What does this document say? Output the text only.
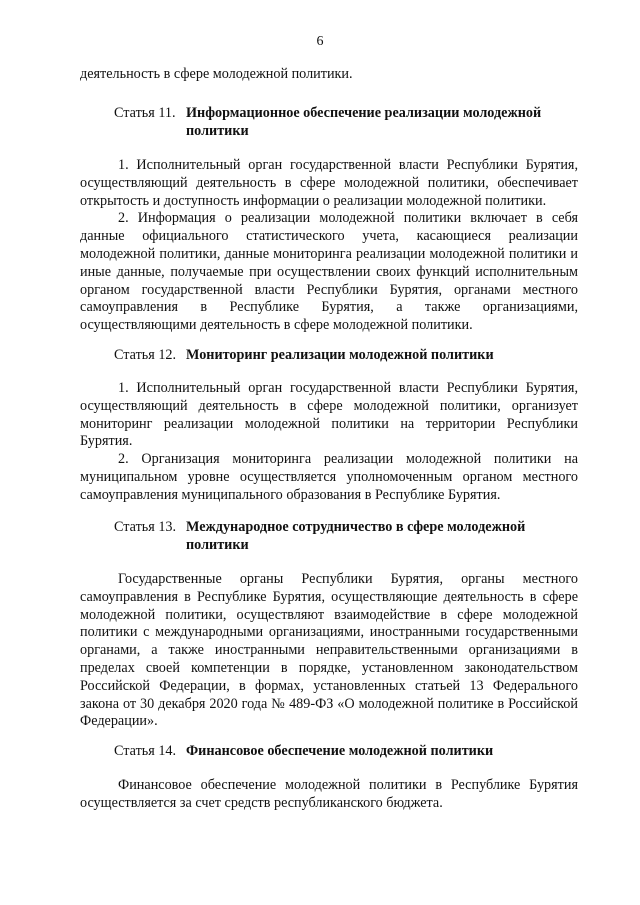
6
деятельность в сфере молодежной политики.
Статья 11. Информационное обеспечение реализации молодежной политики

1. Исполнительный орган государственной власти Республики Бурятия, осуществляющий деятельность в сфере молодежной политики, обеспечивает открытость и доступность информации о реализации молодежной политики.

2. Информация о реализации молодежной политики включает в себя данные официального статистического учета, касающиеся реализации молодежной политики, данные мониторинга реализации молодежной политики и иные данные, получаемые при осуществлении своих функций исполнительным органом государственной власти Республики Бурятия, органами местного самоуправления в Республике Бурятия, а также организациями, осуществляющими деятельность в сфере молодежной политики.

Статья 12. Мониторинг реализации молодежной политики

1. Исполнительный орган государственной власти Республики Бурятия, осуществляющий деятельность в сфере молодежной политики, организует мониторинг реализации молодежной политики на территории Республики Бурятия.

2. Организация мониторинга реализации молодежной политики на муниципальном уровне осуществляется уполномоченным органом местного самоуправления муниципального образования в Республике Бурятия.

Статья 13. Международное сотрудничество в сфере молодежной политики

Государственные органы Республики Бурятия, органы местного самоуправления в Республике Бурятия, осуществляющие деятельность в сфере молодежной политики, осуществляют взаимодействие в сфере молодежной политики с международными организациями, иностранными государственными органами, а также иностранными неправительственными организациями в пределах своей компетенции в порядке, установленном законодательством Российской Федерации, в формах, установленных статьей 13 Федерального закона от 30 декабря 2020 года № 489-ФЗ «О молодежной политике в Российской Федерации».

Статья 14. Финансовое обеспечение молодежной политики

Финансовое обеспечение молодежной политики в Республике Бурятия осуществляется за счет средств республиканского бюджета.
